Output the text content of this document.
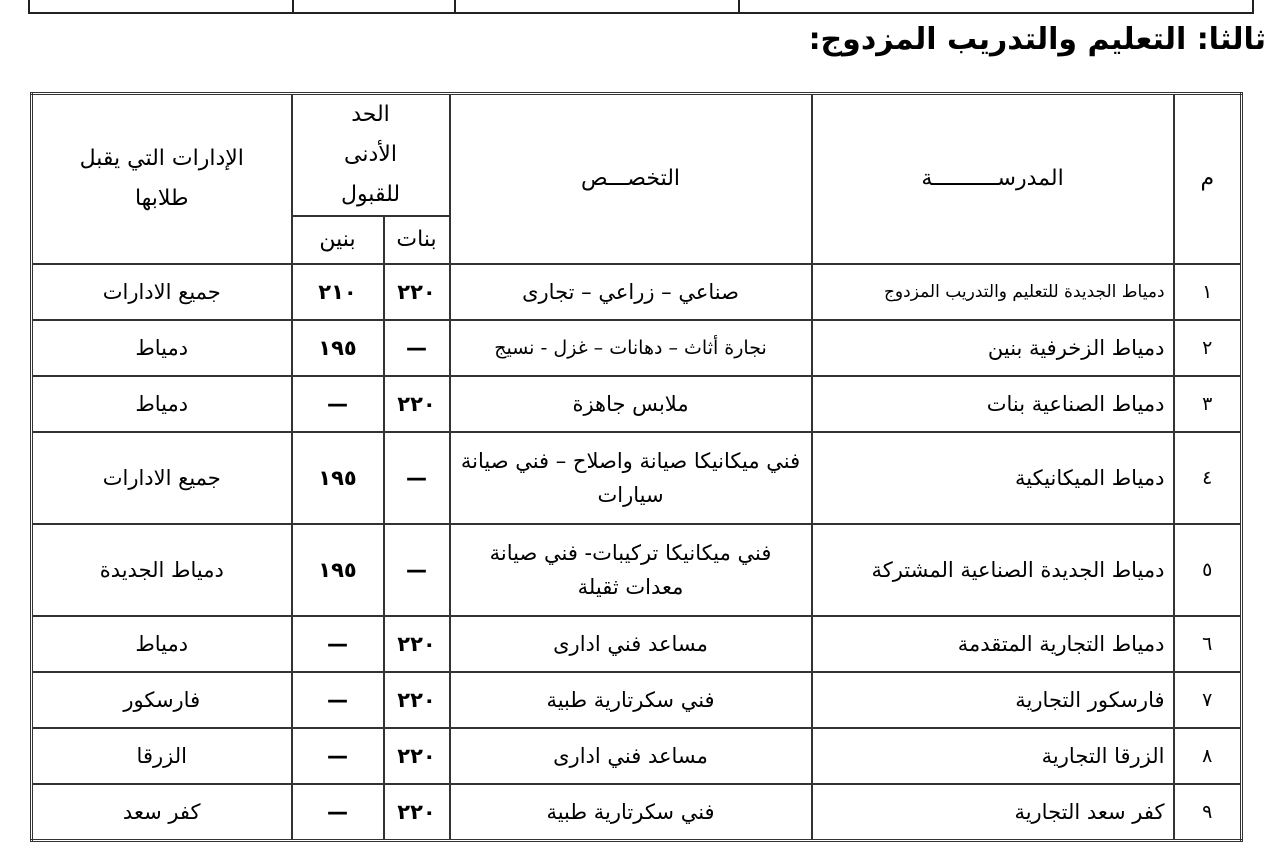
ثالثا: التعليم والتدريب المزدوج:
م	المدرســــــــــة	التخصـــص	الحد الأدنى للقبول		الإدارات التي يقبل طلابها
			بنات	بنين	
١	دمياط الجديدة للتعليم والتدريب المزدوج	صناعي – زراعي – تجارى	٢٢٠	٢١٠	جميع الادارات
٢	دمياط الزخرفية بنين	نجارة أثاث – دهانات – غزل - نسيج	—	١٩٥	دمياط
٣	دمياط الصناعية بنات	ملابس جاهزة	٢٢٠	—	دمياط
٤	دمياط الميكانيكية	فني ميكانيكا صيانة واصلاح – فني صيانة سيارات	—	١٩٥	جميع الادارات
٥	دمياط الجديدة الصناعية المشتركة	فني ميكانيكا تركيبات- فني صيانة معدات ثقيلة	—	١٩٥	دمياط الجديدة
٦	دمياط التجارية المتقدمة	مساعد فني ادارى	٢٢٠	—	دمياط
٧	فارسكور التجارية	فني سكرتارية طبية	٢٢٠	—	فارسكور
٨	الزرقا التجارية	مساعد فني ادارى	٢٢٠	—	الزرقا
٩	كفر سعد التجارية	فني سكرتارية طبية	٢٢٠	—	كفر سعد
